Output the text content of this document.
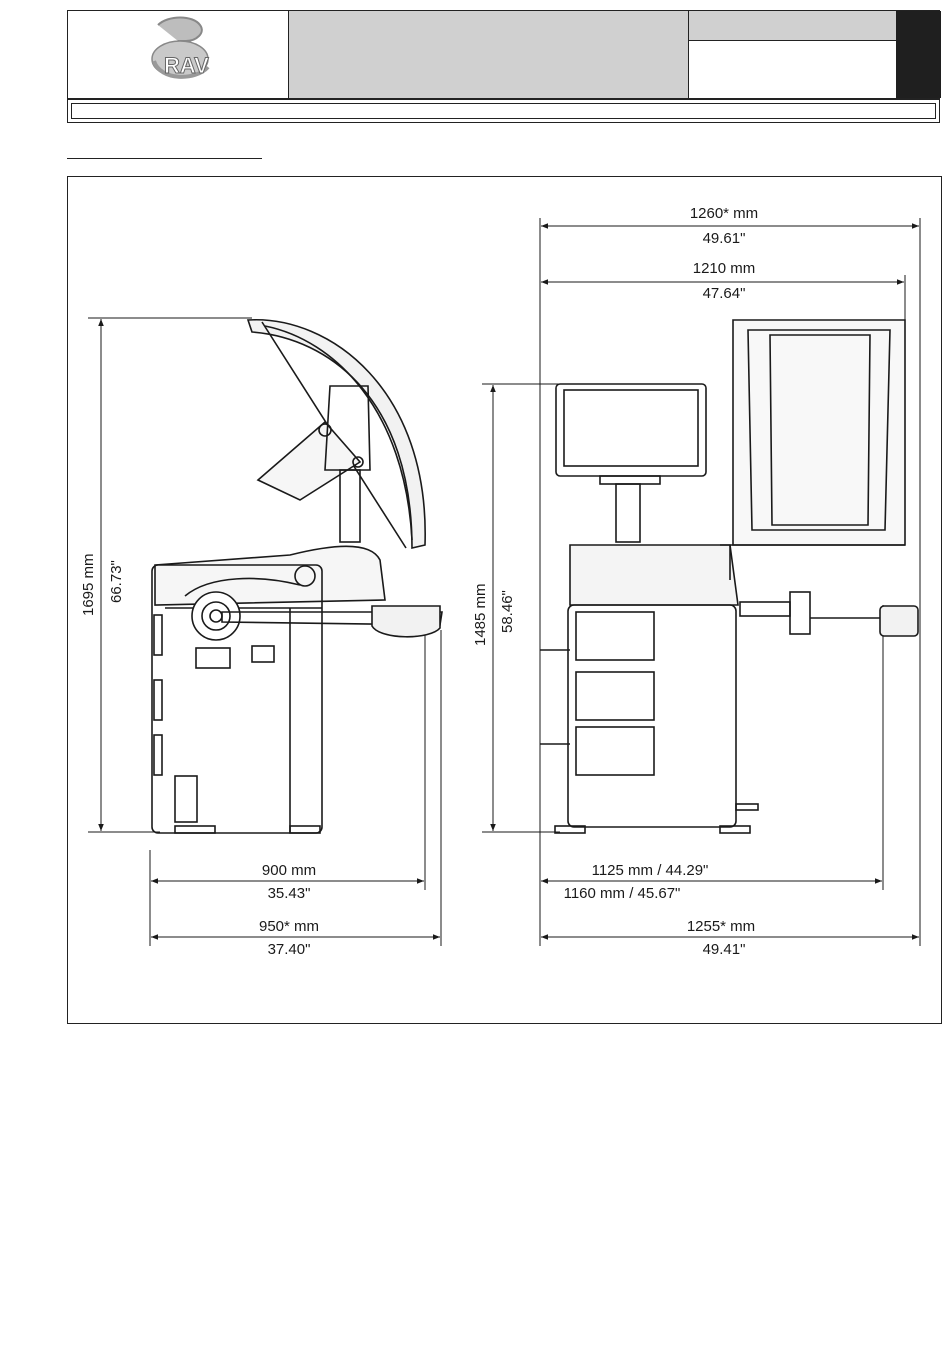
RAV
1260* mm
49.61"
1210 mm
47.64"
900 mm
35.43"
950* mm
37.40"
1125 mm / 44.29"
1160 mm / 45.67"
1255* mm
49.41"
1695 mm 66.73"
1485 mm 58.46"
